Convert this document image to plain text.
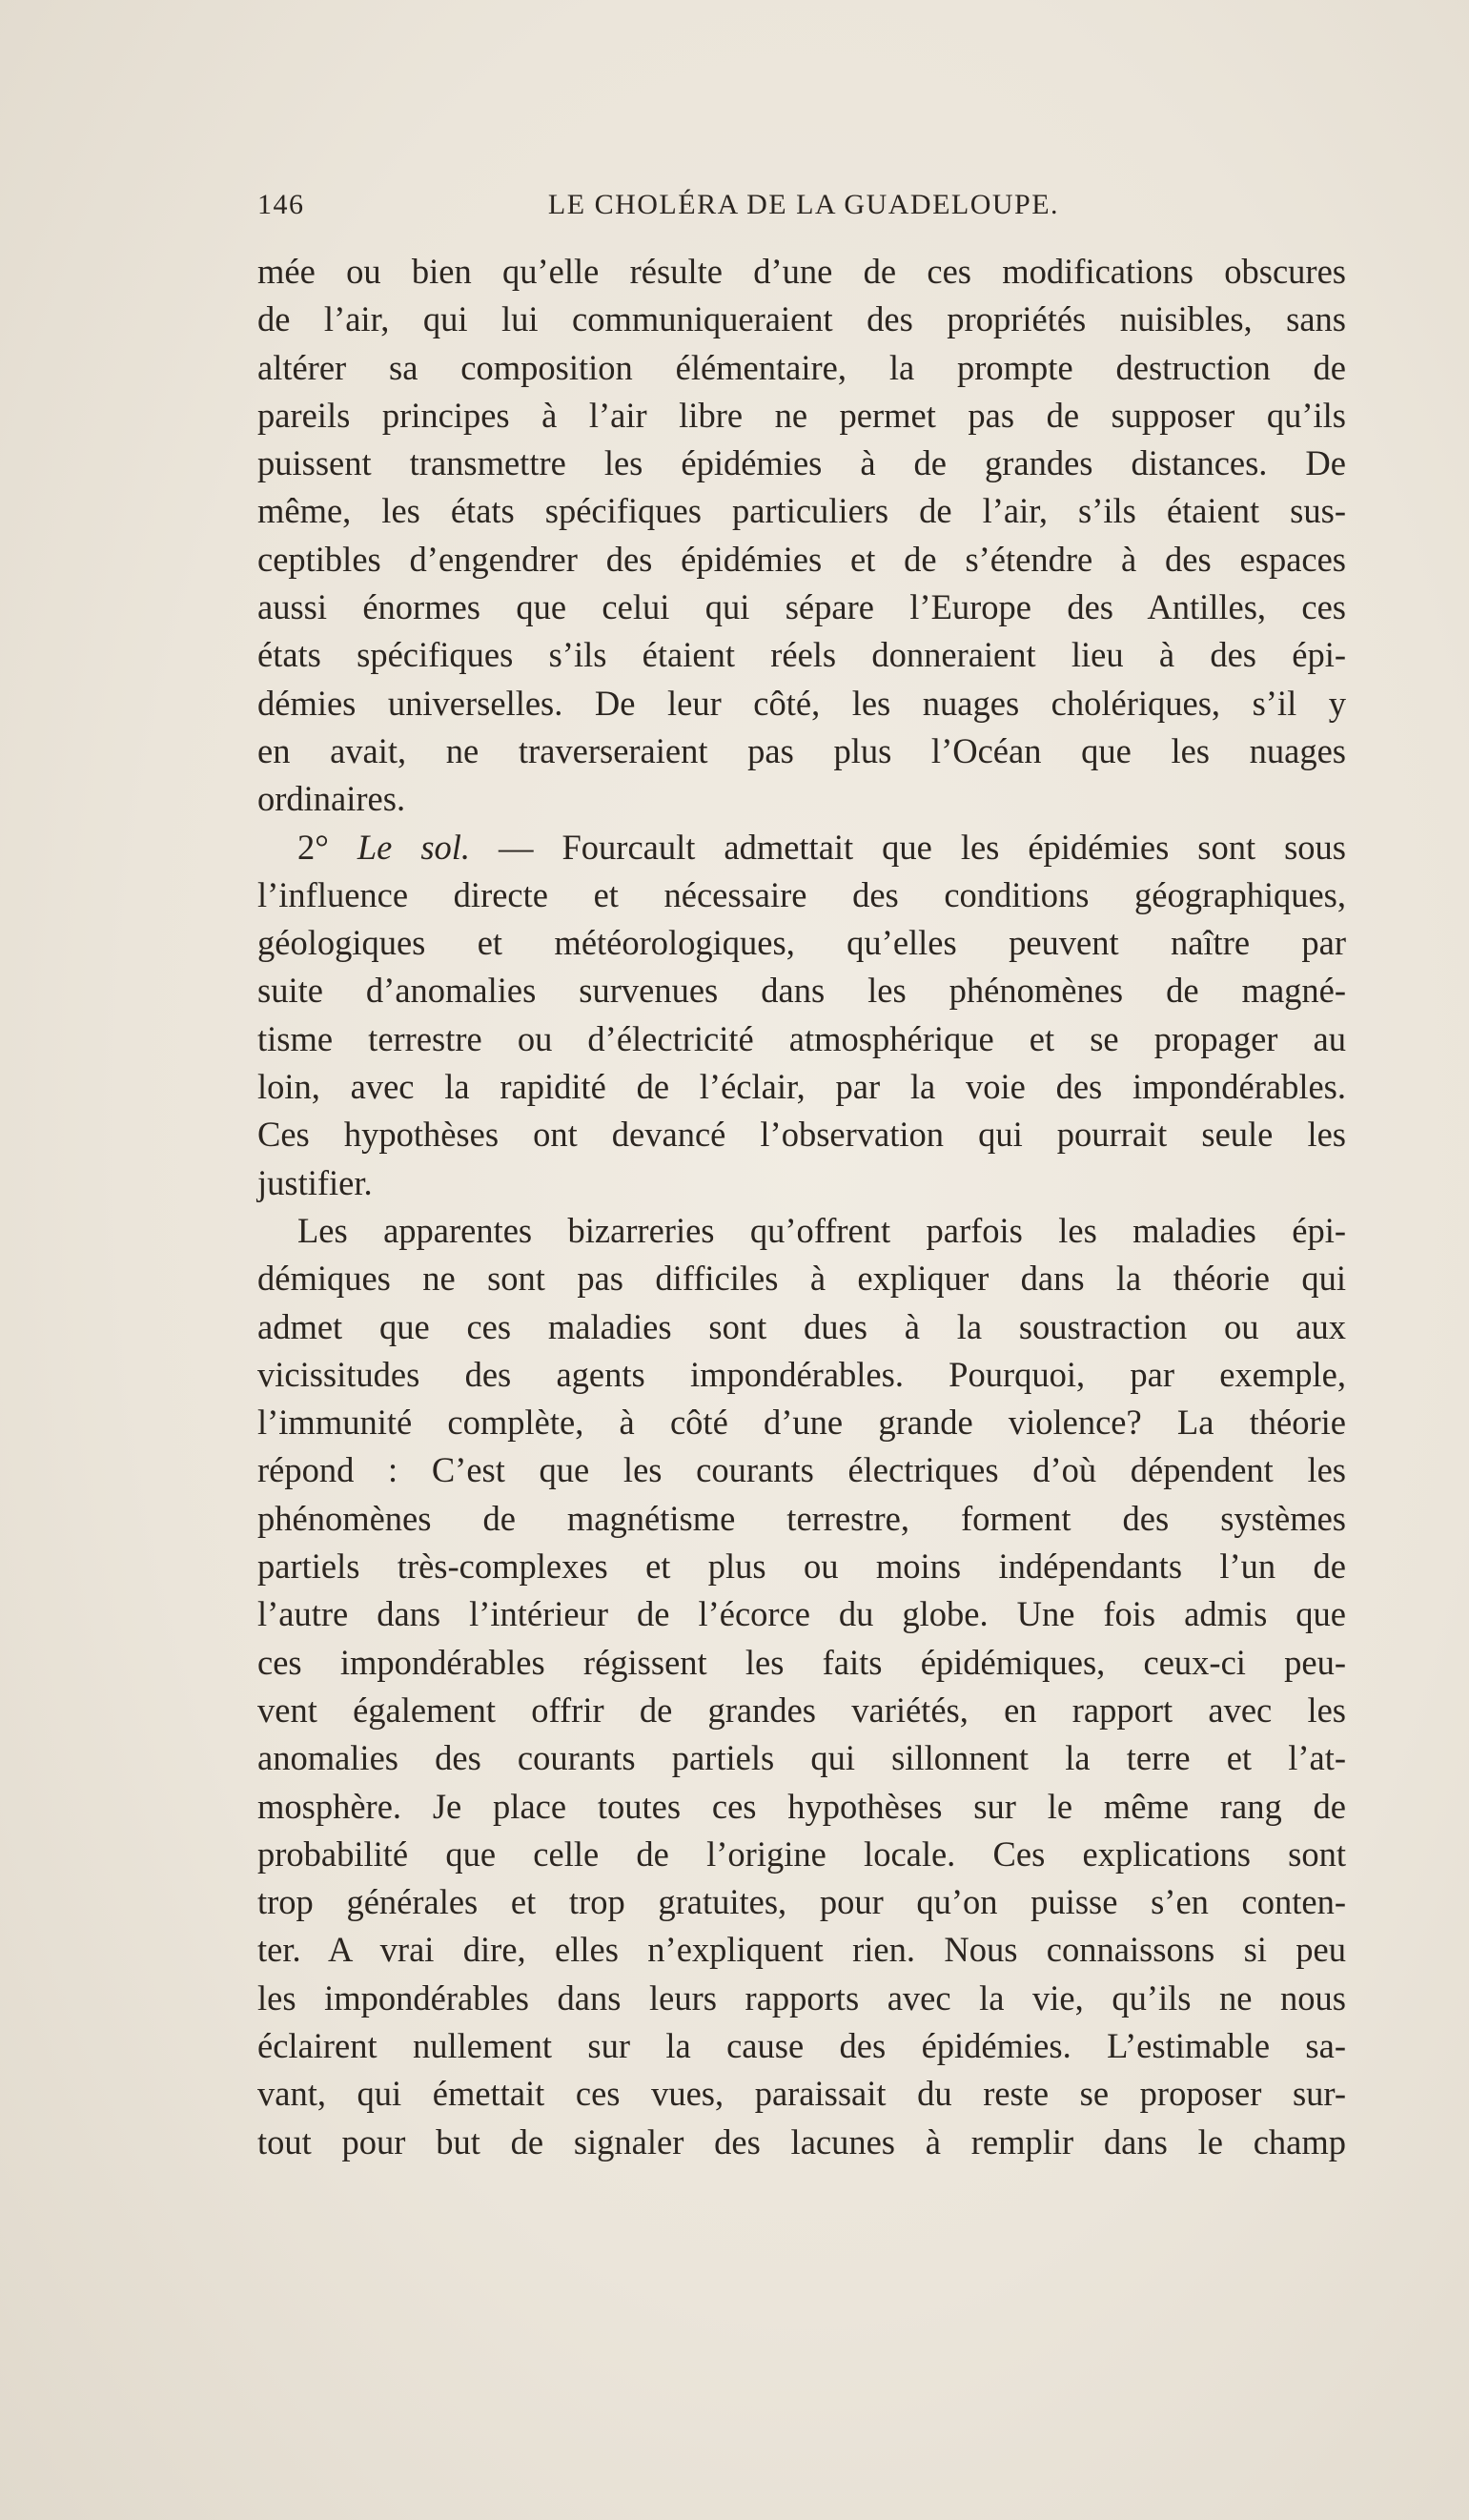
146	LE CHOLÉRA DE LA GUADELOUPE.
mée ou bien qu’elle résulte d’une de ces modifications obscures
de l’air, qui lui communiqueraient des propriétés nuisibles, sans
altérer sa composition élémentaire, la prompte destruction de
pareils principes à l’air libre ne permet pas de supposer qu’ils
puissent transmettre les épidémies à de grandes distances. De
même, les états spécifiques particuliers de l’air, s’ils étaient sus-
ceptibles d’engendrer des épidémies et de s’étendre à des espaces
aussi énormes que celui qui sépare l’Europe des Antilles, ces
états spécifiques s’ils étaient réels donneraient lieu à des épi-
démies universelles. De leur côté, les nuages cholériques, s’il y
en avait, ne traverseraient pas plus l’Océan que les nuages
ordinaires.
2° Le sol. — Fourcault admettait que les épidémies sont sous
l’influence directe et nécessaire des conditions géographiques,
géologiques et météorologiques, qu’elles peuvent naître par
suite d’anomalies survenues dans les phénomènes de magné-
tisme terrestre ou d’électricité atmosphérique et se propager au
loin, avec la rapidité de l’éclair, par la voie des impondérables.
Ces hypothèses ont devancé l’observation qui pourrait seule les
justifier.
Les apparentes bizarreries qu’offrent parfois les maladies épi-
démiques ne sont pas difficiles à expliquer dans la théorie qui
admet que ces maladies sont dues à la soustraction ou aux
vicissitudes des agents impondérables. Pourquoi, par exemple,
l’immunité complète, à côté d’une grande violence? La théorie
répond : C’est que les courants électriques d’où dépendent les
phénomènes de magnétisme terrestre, forment des systèmes
partiels très-complexes et plus ou moins indépendants l’un de
l’autre dans l’intérieur de l’écorce du globe. Une fois admis que
ces impondérables régissent les faits épidémiques, ceux-ci peu-
vent également offrir de grandes variétés, en rapport avec les
anomalies des courants partiels qui sillonnent la terre et l’at-
mosphère. Je place toutes ces hypothèses sur le même rang de
probabilité que celle de l’origine locale. Ces explications sont
trop générales et trop gratuites, pour qu’on puisse s’en conten-
ter. A vrai dire, elles n’expliquent rien. Nous connaissons si peu
les impondérables dans leurs rapports avec la vie, qu’ils ne nous
éclairent nullement sur la cause des épidémies. L’estimable sa-
vant, qui émettait ces vues, paraissait du reste se proposer sur-
tout pour but de signaler des lacunes à remplir dans le champ
